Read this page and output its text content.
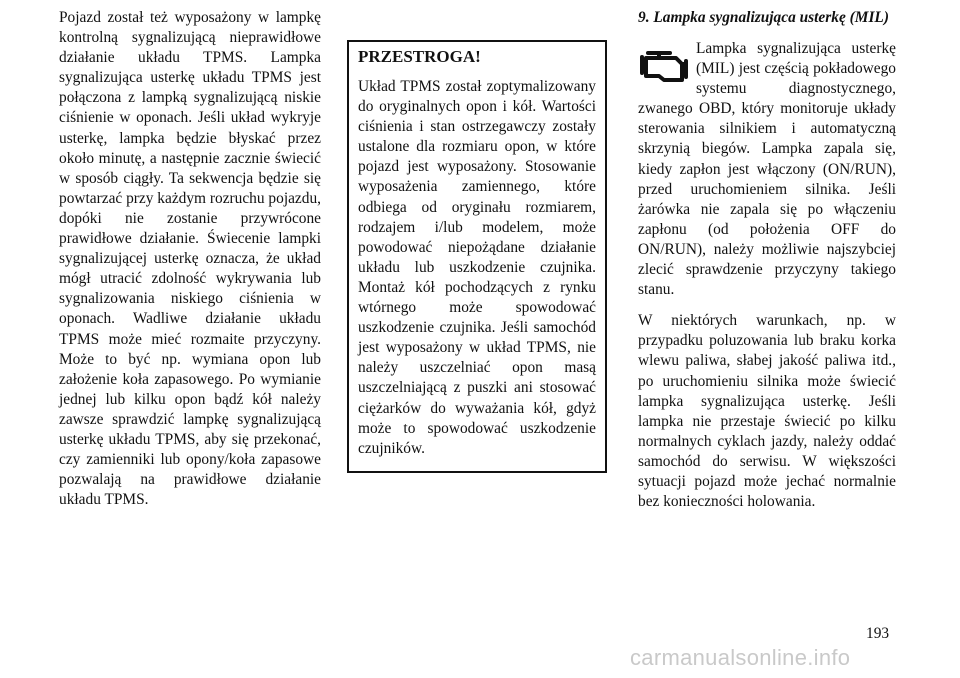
Pojazd został też wyposażony w lampkę kontrolną sygnalizującą nieprawidłowe działanie układu TPMS. Lampka sygnalizująca usterkę układu TPMS jest połączona z lampką sygnalizującą niskie ciśnienie w oponach. Jeśli układ wykryje usterkę, lampka będzie błyskać przez około minutę, a następnie zacznie świecić w sposób ciągły. Ta sekwencja będzie się powtarzać przy każdym rozruchu pojazdu, dopóki nie zostanie przywrócone prawidłowe działanie. Świecenie lampki sygnalizującej usterkę oznacza, że układ mógł utracić zdolność wykrywania lub sygnalizowania niskiego ciśnienia w oponach. Wadliwe działanie układu TPMS może mieć rozmaite przyczyny. Może to być np. wymiana opon lub założenie koła zapasowego. Po wymianie jednej lub kilku opon bądź kół należy zawsze sprawdzić lampkę sygnalizującą usterkę układu TPMS, aby się przekonać, czy zamienniki lub opony/koła zapasowe pozwalają na prawidłowe działanie układu TPMS.

PRZESTROGA!

Układ TPMS został zoptymalizowany do oryginalnych opon i kół. Wartości ciśnienia i stan ostrzegawczy zostały ustalone dla rozmiaru opon, w które pojazd jest wyposażony. Stosowanie wyposażenia zamiennego, które odbiega od oryginału rozmiarem, rodzajem i/lub modelem, może powodować niepożądane działanie układu lub uszkodzenie czujnika. Montaż kół pochodzących z rynku wtórnego może spowodować uszkodzenie czujnika. Jeśli samochód jest wyposażony w układ TPMS, nie należy uszczelniać opon masą uszczelniającą z puszki ani stosować ciężarków do wyważania kół, gdyż może to spowodować uszkodzenie czujników.

9. Lampka sygnalizująca usterkę (MIL)

Lampka sygnalizująca usterkę (MIL) jest częścią pokładowego systemu diagnostycznego, zwanego OBD, który monitoruje układy sterowania silnikiem i automatyczną skrzynią biegów. Lampka zapala się, kiedy zapłon jest włączony (ON/RUN), przed uruchomieniem silnika. Jeśli żarówka nie zapala się po włączeniu zapłonu (od położenia OFF do ON/RUN), należy możliwie najszybciej zlecić sprawdzenie przyczyny takiego stanu.

W niektórych warunkach, np. w przypadku poluzowania lub braku korka wlewu paliwa, słabej jakość paliwa itd., po uruchomieniu silnika może świecić lampka sygnalizująca usterkę. Jeśli lampka nie przestaje świecić po kilku normalnych cyklach jazdy, należy oddać samochód do serwisu. W większości sytuacji pojazd może jechać normalnie bez konieczności holowania.

193
carmanualsonline.info
